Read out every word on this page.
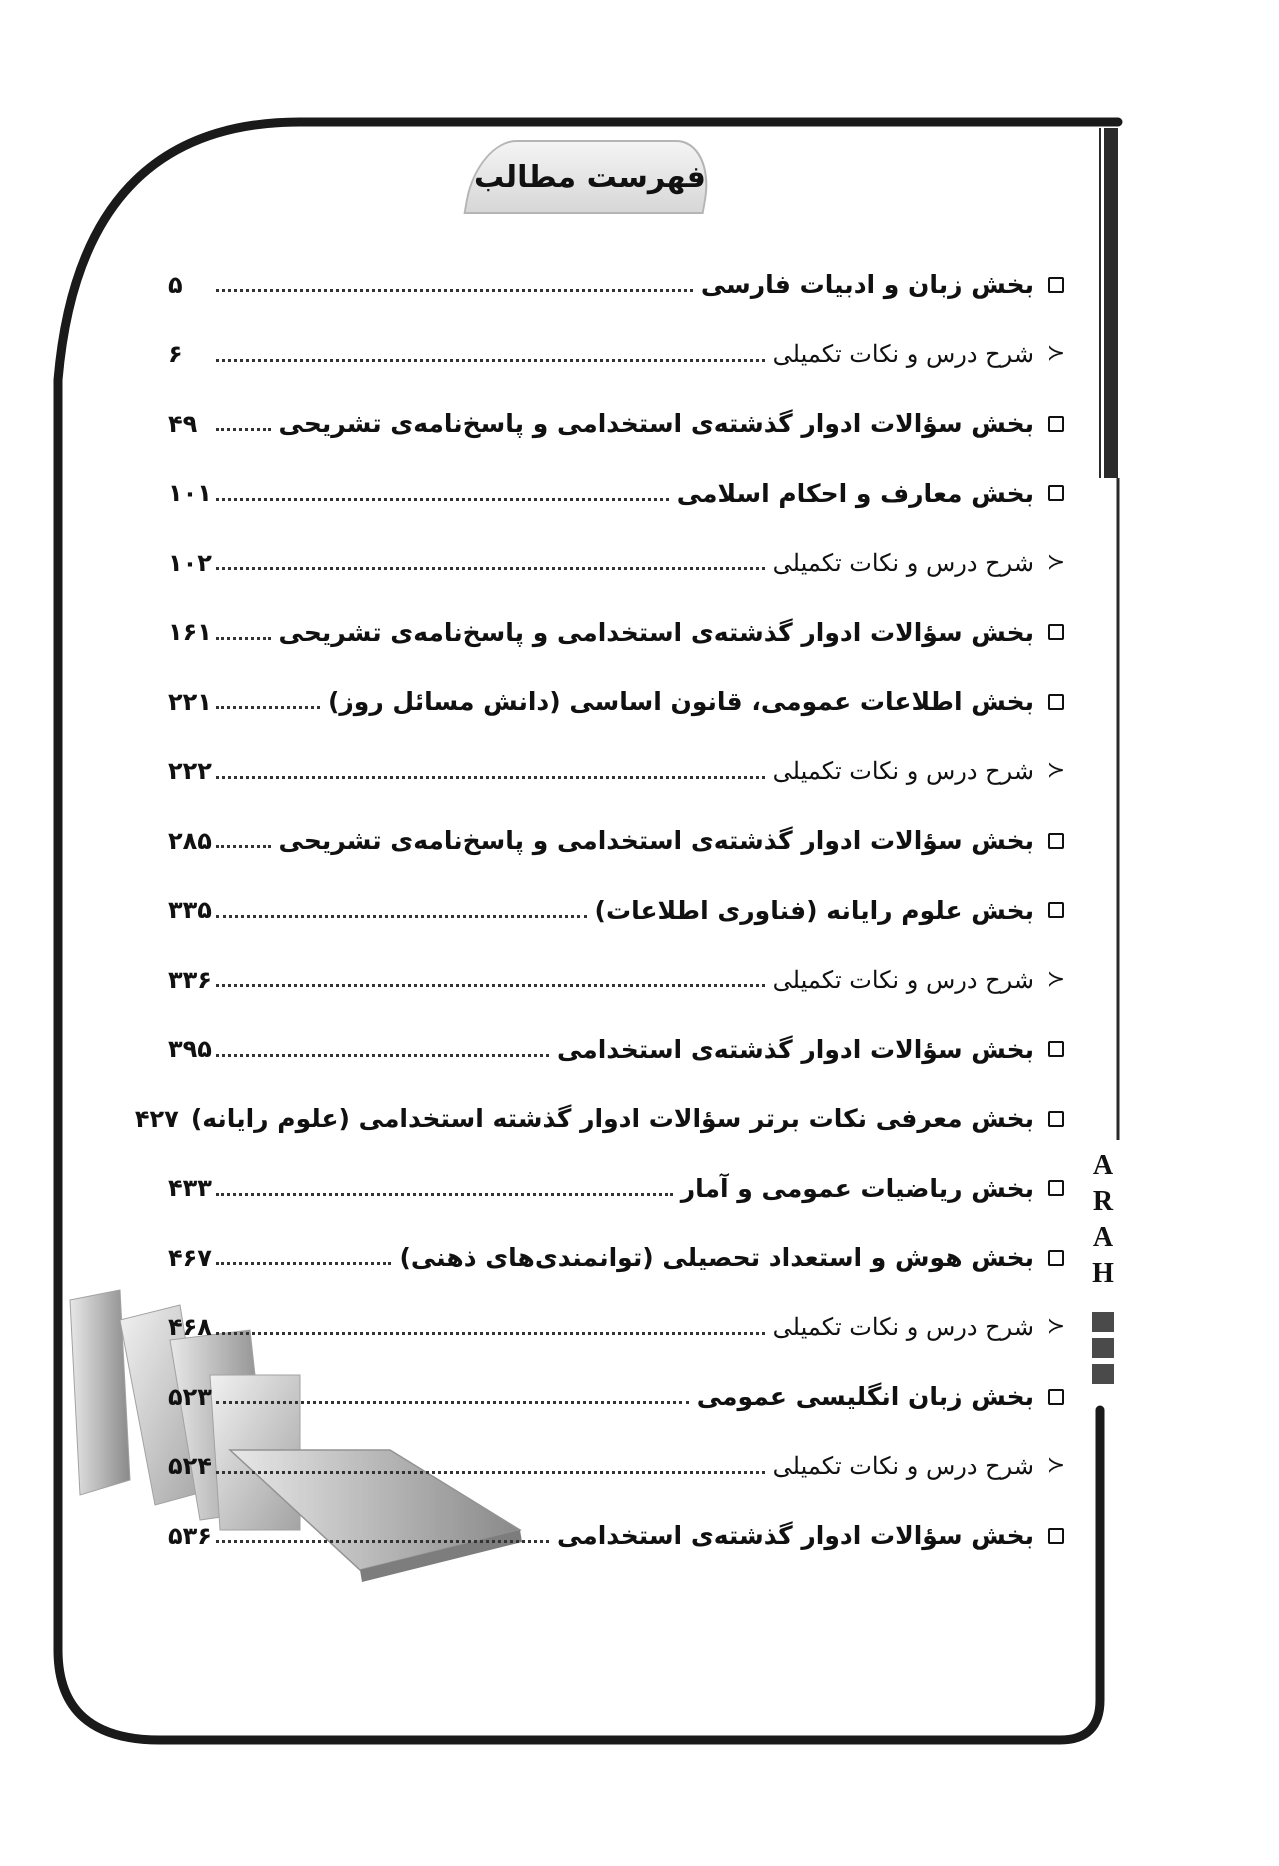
فهرست مطالب
بخش زبان و ادبیات فارسی
۵
≺
شرح درس و نکات تکمیلی
۶
بخش سؤالات ادوار گذشته‌ی استخدامی و پاسخ‌نامه‌ی تشریحی
۴۹
بخش معارف و احکام اسلامی
۱۰۱
≺
شرح درس و نکات تکمیلی
۱۰۲
بخش سؤالات ادوار گذشته‌ی استخدامی و پاسخ‌نامه‌ی تشریحی
۱۶۱
بخش اطلاعات عمومی، قانون اساسی (دانش مسائل روز)
۲۲۱
≺
شرح درس و نکات تکمیلی
۲۲۲
بخش سؤالات ادوار گذشته‌ی استخدامی و پاسخ‌نامه‌ی تشریحی
۲۸۵
بخش علوم رایانه (فناوری اطلاعات)
۳۳۵
≺
شرح درس و نکات تکمیلی
۳۳۶
بخش سؤالات ادوار گذشته‌ی استخدامی
۳۹۵
بخش معرفی نکات برتر سؤالات ادوار گذشته استخدامی (علوم رایانه)
۴۲۷
بخش ریاضیات عمومی و آمار
۴۳۳
بخش هوش و استعداد تحصیلی (توانمندی‌های ذهنی)
۴۶۷
≺
شرح درس و نکات تکمیلی
۴۶۸
بخش زبان انگلیسی عمومی
۵۲۳
≺
شرح درس و نکات تکمیلی
۵۲۴
بخش سؤالات ادوار گذشته‌ی استخدامی
۵۳۶
A
R
A
H
